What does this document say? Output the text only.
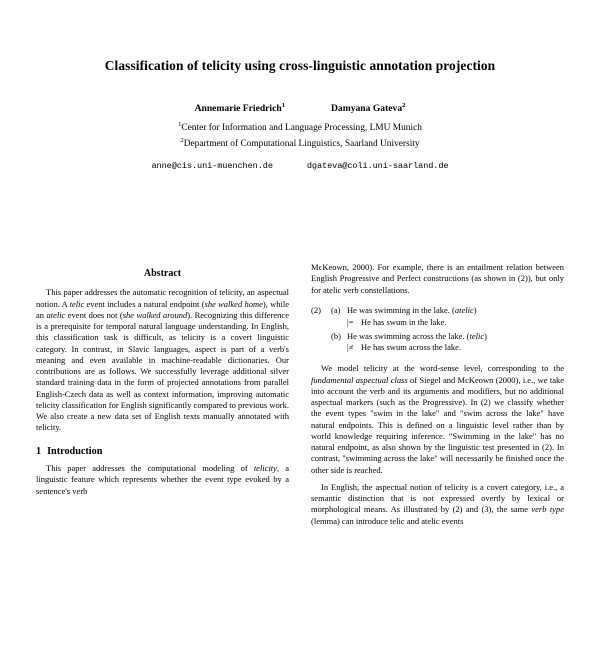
Classification of telicity using cross-linguistic annotation projection
Annemarie Friedrich$^1$	Damyana Gateva$^2$
$^1$Center for Information and Language Processing, LMU Munich
$^2$Department of Computational Linguistics, Saarland University
anne@cis.uni-muenchen.de	dgateva@coli.uni-saarland.de
Abstract

This paper addresses the automatic recognition of telicity, an aspectual notion. A telic event includes a natural endpoint (she walked home), while an atelic event does not (she walked around). Recognizing this difference is a prerequisite for temporal natural language understanding. In English, this classification task is difficult, as telicity is a covert linguistic category. In contrast, in Slavic languages, aspect is part of a verb's meaning and even available in machine-readable dictionaries. Our contributions are as follows. We successfully leverage additional silver standard training data in the form of projected annotations from parallel English-Czech data as well as context information, improving automatic telicity classification for English significantly compared to previous work. We also create a new data set of English texts manually annotated with telicity.

1 Introduction

This paper addresses the computational modeling of telicity, a linguistic feature which represents whether the event type evoked by a sentence's verb

McKeown, 2000). For example, there is an entailment relation between English Progressive and Perfect constructions (as shown in (2)), but only for atelic verb constellations.

(2)	(a) He was swimming in the lake. (atelic)
|= He has swum in the lake.
(b) He was swimming across the lake. (telic)
|≠ He has swum across the lake.

We model telicity at the word-sense level, corresponding to the fundamental aspectual class of Siegel and McKeown (2000), i.e., we take into account the verb and its arguments and modifiers, but no additional aspectual markers (such as the Progressive). In (2) we classify whether the event types "swim in the lake" and "swim across the lake" have natural endpoints. This is defined on a linguistic level rather than by world knowledge requiring inference. "Swimming in the lake" has no natural endpoint, as also shown by the linguistic test presented in (2). In contrast, "swimming across the lake" will necessarily be finished once the other side is reached.

In English, the aspectual notion of telicity is a covert category, i.e., a semantic distinction that is not expressed overtly by lexical or morphological means. As illustrated by (2) and (3), the same verb type (lemma) can introduce telic and atelic events
